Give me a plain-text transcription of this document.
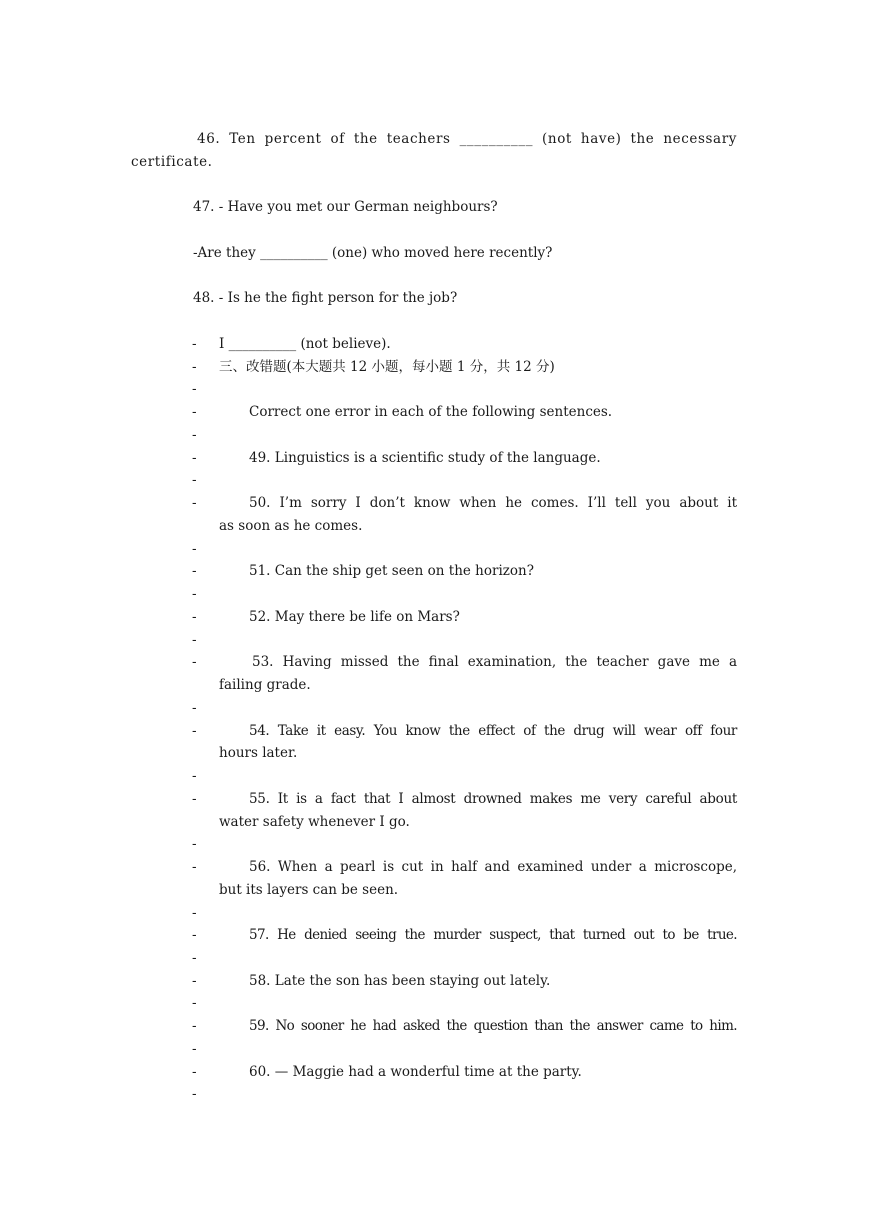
46. Ten percent of the teachers __________ (not have) the necessary
certificate.
47. - Have you met our German neighbours?
-Are they __________ (one) who moved here recently?
48. - Is he the fight person for the job?
-	I __________ (not believe).
-	三、改错题(本大题共 12 小题，每小题 1 分，共 12 分)
-
-	Correct one error in each of the following sentences.
-
-	49. Linguistics is a scientific study of the language.
-
-	50. I’m sorry I don’t know when he comes. I’ll tell you about it
as soon as he comes.
-
-	51. Can the ship get seen on the horizon?
-
-	52. May there be life on Mars?
-
-	53. Having missed the final examination, the teacher gave me a
failing grade.
-
-	54. Take it easy. You know the effect of the drug will wear off four
hours later.
-
-	55. It is a fact that I almost drowned makes me very careful about
water safety whenever I go.
-
-	56. When a pearl is cut in half and examined under a microscope,
but its layers can be seen.
-
-	57. He denied seeing the murder suspect, that turned out to be true.
-
-	58. Late the son has been staying out lately.
-
-	59. No sooner he had asked the question than the answer came to him.
-
-	60. — Maggie had a wonderful time at the party.
-
